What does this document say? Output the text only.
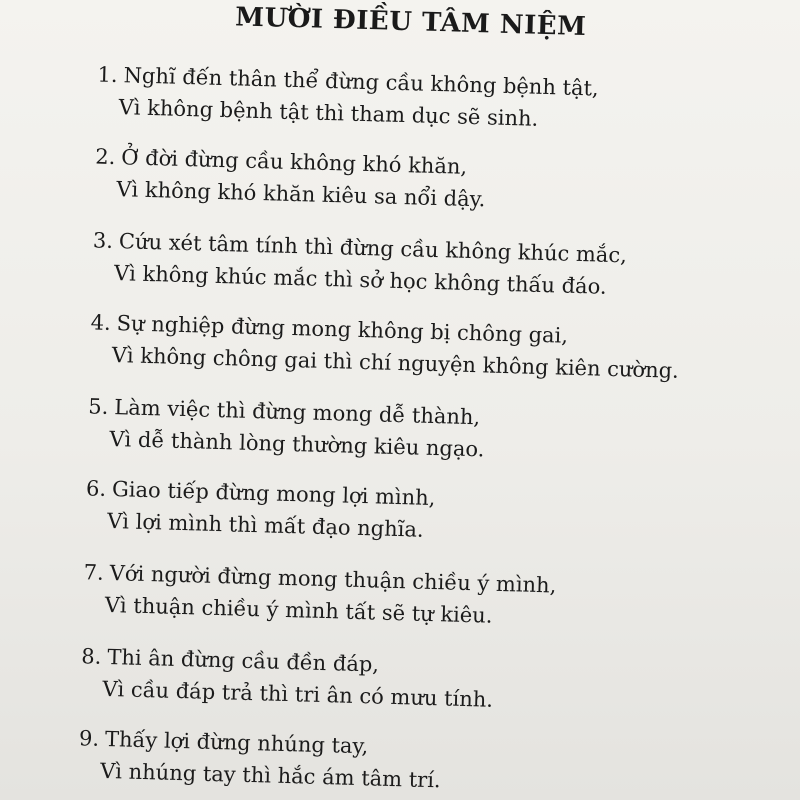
MƯỜI ĐIỀU TÂM NIỆM
1. Nghĩ đến thân thể đừng cầu không bệnh tật,
Vì không bệnh tật thì tham dục sẽ sinh.
2. Ở đời đừng cầu không khó khăn,
Vì không khó khăn kiêu sa nổi dậy.
3. Cứu xét tâm tính thì đừng cầu không khúc mắc,
Vì không khúc mắc thì sở học không thấu đáo.
4. Sự nghiệp đừng mong không bị chông gai,
Vì không chông gai thì chí nguyện không kiên cường.
5. Làm việc thì đừng mong dễ thành,
Vì dễ thành lòng thường kiêu ngạo.
6. Giao tiếp đừng mong lợi mình,
Vì lợi mình thì mất đạo nghĩa.
7. Với người đừng mong thuận chiều ý mình,
Vì thuận chiều ý mình tất sẽ tự kiêu.
8. Thi ân đừng cầu đền đáp,
Vì cầu đáp trả thì tri ân có mưu tính.
9. Thấy lợi đừng nhúng tay,
Vì nhúng tay thì hắc ám tâm trí.
